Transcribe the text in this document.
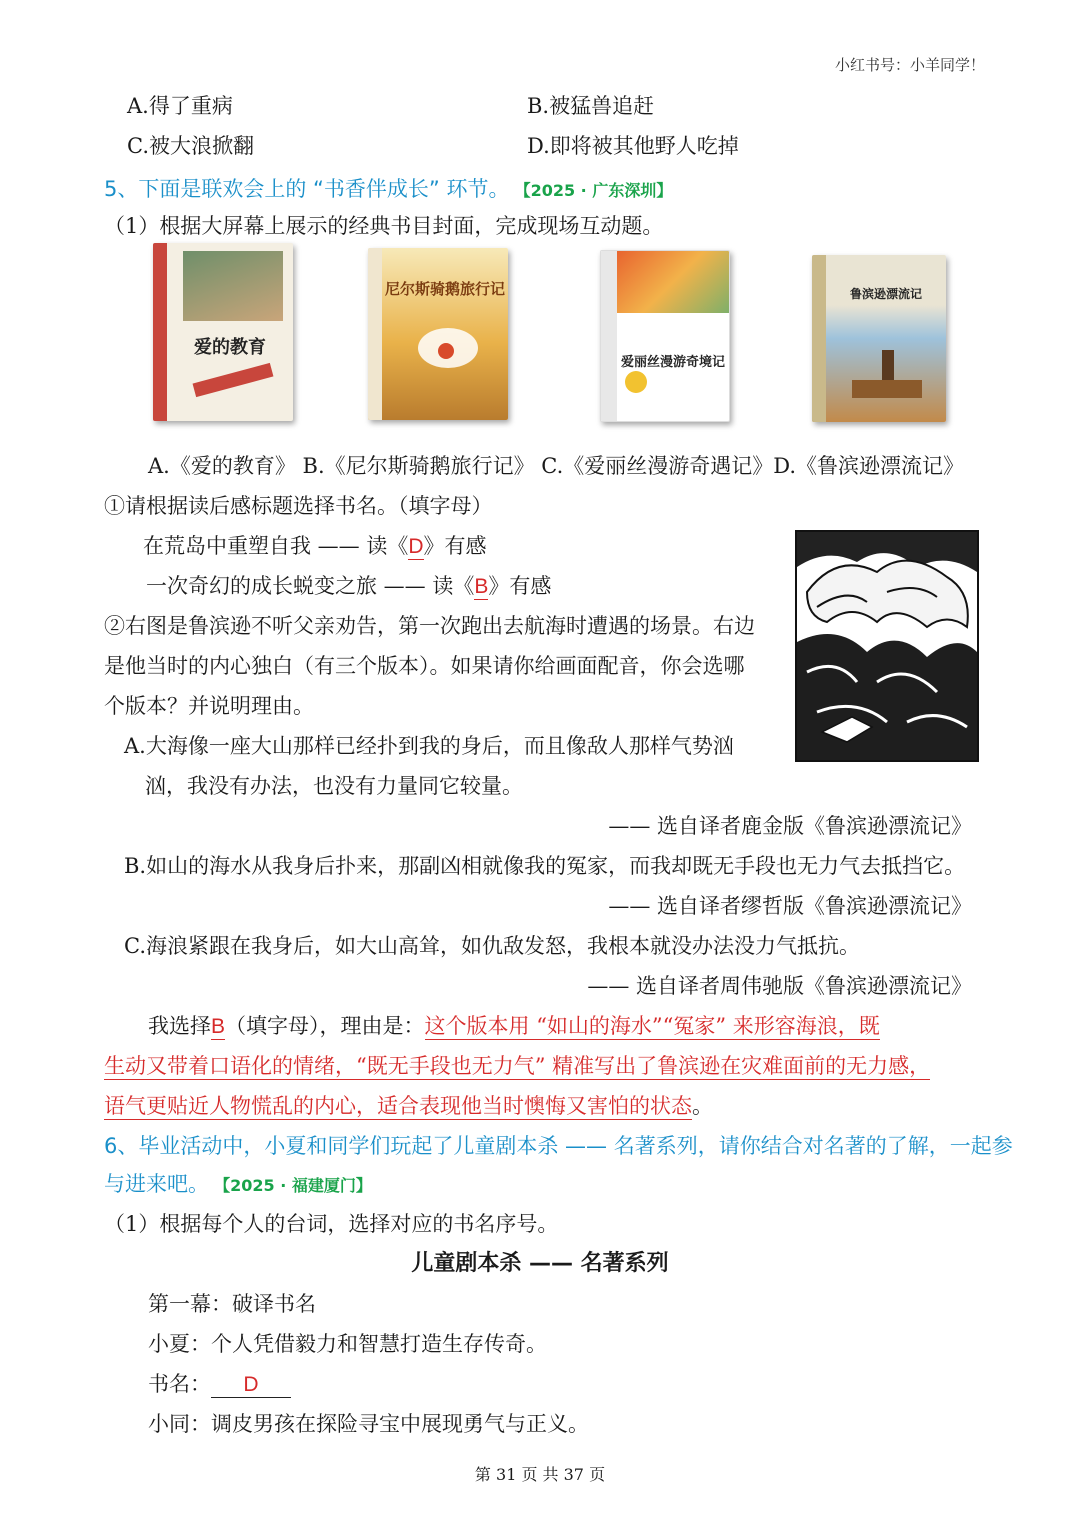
小红书号：小羊同学！
A.得了重病	B.被猛兽追赶
C.被大浪掀翻	D.即将被其他野人吃掉
5、下面是联欢会上的 “书香伴成长” 环节。 【2025 · 广东深圳】
（1）根据大屏幕上展示的经典书目封面，完成现场互动题。
爱的教育
尼尔斯骑鹅旅行记
爱丽丝漫游奇境记
鲁滨逊漂流记
A.《爱的教育》 B.《尼尔斯骑鹅旅行记》 C.《爱丽丝漫游奇遇记》D.《鲁滨逊漂流记》
①请根据读后感标题选择书名。（填字母）
在荒岛中重塑自我 —— 读《D》有感
一次奇幻的成长蜕变之旅 —— 读《B》有感
②右图是鲁滨逊不听父亲劝告，第一次跑出去航海时遭遇的场景。右边
是他当时的内心独白（有三个版本）。如果请你给画面配音，你会选哪
个版本？并说明理由。
A.大海像一座大山那样已经扑到我的身后，而且像敌人那样气势汹
汹，我没有办法，也没有力量同它较量。
—— 选自译者鹿金版《鲁滨逊漂流记》
B.如山的海水从我身后扑来，那副凶相就像我的冤家，而我却既无手段也无力气去抵挡它。
—— 选自译者缪哲版《鲁滨逊漂流记》
C.海浪紧跟在我身后，如大山高耸，如仇敌发怒，我根本就没办法没力气抵抗。
—— 选自译者周伟驰版《鲁滨逊漂流记》
我选择B（填字母），理由是：这个版本用 “如山的海水”“冤家” 来形容海浪，既
生动又带着口语化的情绪，“既无手段也无力气” 精准写出了鲁滨逊在灾难面前的无力感，
语气更贴近人物慌乱的内心，适合表现他当时懊悔又害怕的状态。
6、毕业活动中，小夏和同学们玩起了儿童剧本杀 —— 名著系列，请你结合对名著的了解，一起参
与进来吧。 【2025 · 福建厦门】
（1）根据每个人的台词，选择对应的书名序号。
儿童剧本杀 —— 名著系列
第一幕：破译书名
小夏：个人凭借毅力和智慧打造生存传奇。
书名： D
小同：调皮男孩在探险寻宝中展现勇气与正义。
第 31 页 共 37 页
